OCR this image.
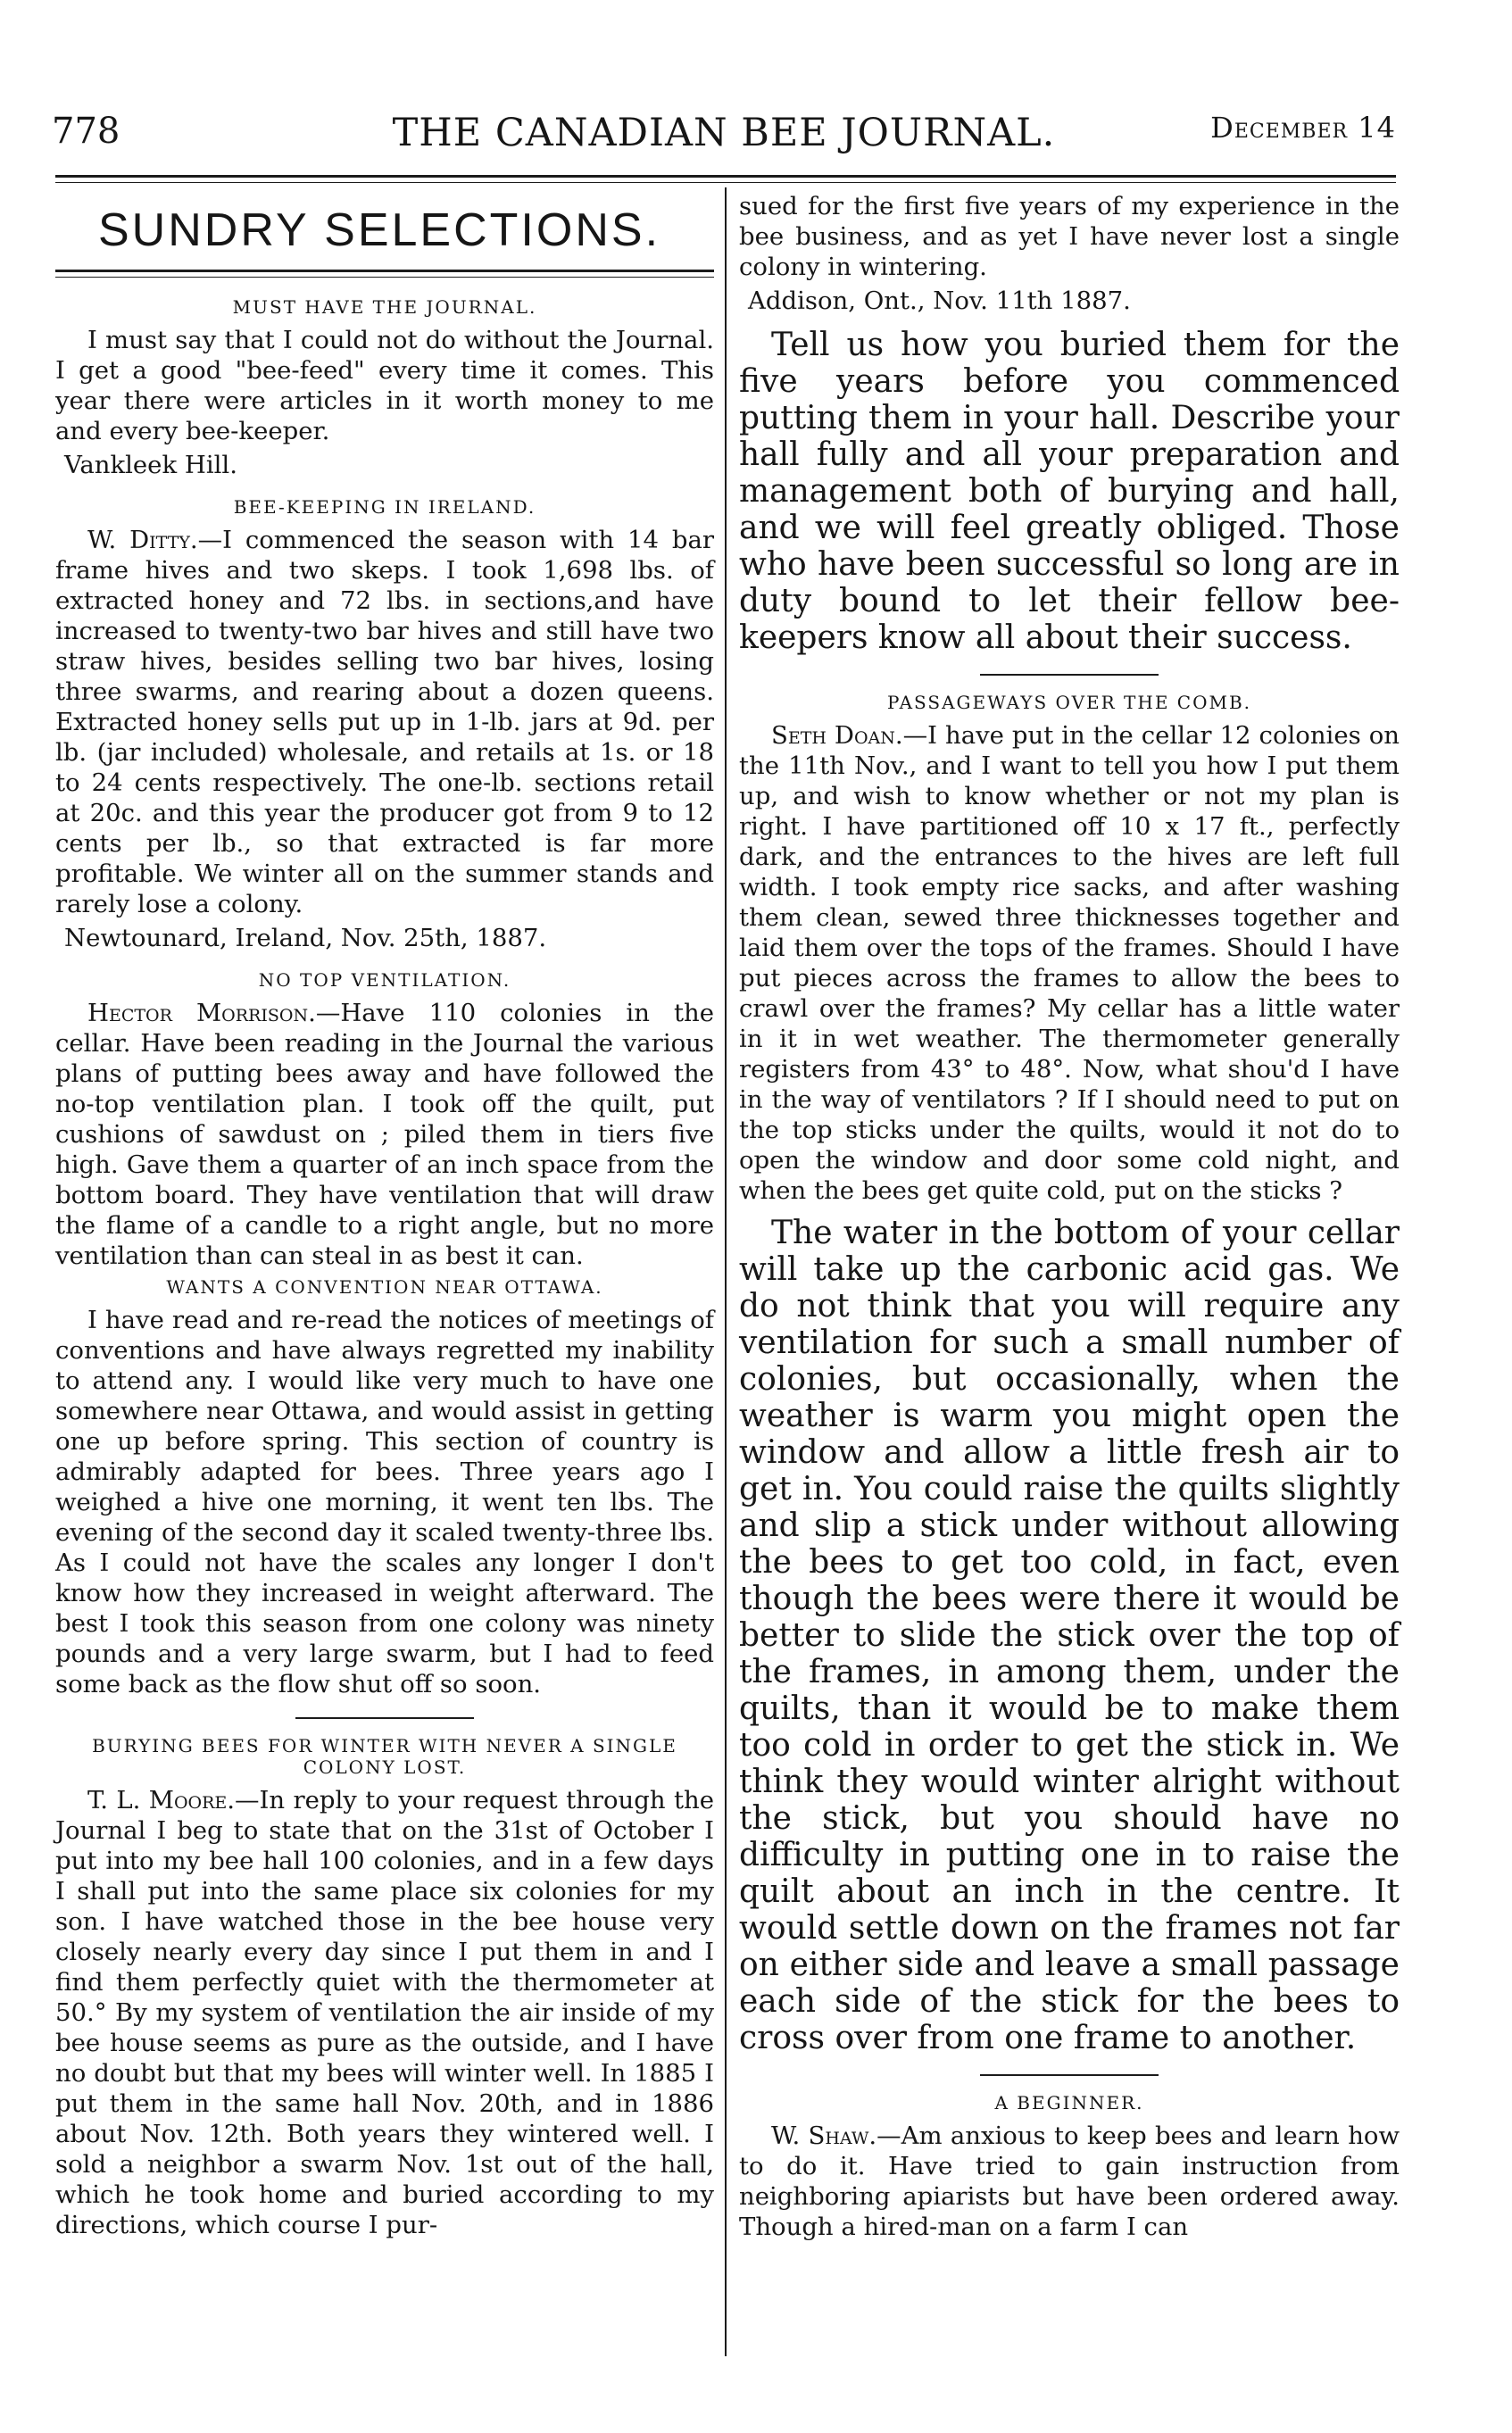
778	THE CANADIAN BEE JOURNAL.	December 14
SUNDRY SELECTIONS.
MUST HAVE THE JOURNAL.

I must say that I could not do without the Journal. I get a good "bee-feed" every time it comes. This year there were articles in it worth money to me and every bee-keeper.

Vankleek Hill.

BEE-KEEPING IN IRELAND.

W. Ditty.—I commenced the season with 14 bar frame hives and two skeps. I took 1,698 lbs. of extracted honey and 72 lbs. in sections,and have increased to twenty-two bar hives and still have two straw hives, besides selling two bar hives, losing three swarms, and rearing about a dozen queens. Extracted honey sells put up in 1-lb. jars at 9d. per lb. (jar included) wholesale, and retails at 1s. or 18 to 24 cents respectively. The one-lb. sections retail at 20c. and this year the producer got from 9 to 12 cents per lb., so that extracted is far more profitable. We winter all on the summer stands and rarely lose a colony.

Newtounard, Ireland, Nov. 25th, 1887.

NO TOP VENTILATION.

Hector Morrison.—Have 110 colonies in the cellar. Have been reading in the Journal the various plans of putting bees away and have followed the no-top ventilation plan. I took off the quilt, put cushions of sawdust on ; piled them in tiers five high. Gave them a quarter of an inch space from the bottom board. They have ventilation that will draw the flame of a candle to a right angle, but no more ventilation than can steal in as best it can.

WANTS A CONVENTION NEAR OTTAWA.

I have read and re-read the notices of meetings of conventions and have always regretted my inability to attend any. I would like very much to have one somewhere near Ottawa, and would assist in getting one up before spring. This section of country is admirably adapted for bees. Three years ago I weighed a hive one morning, it went ten lbs. The evening of the second day it scaled twenty-three lbs. As I could not have the scales any longer I don't know how they increased in weight afterward. The best I took this season from one colony was ninety pounds and a very large swarm, but I had to feed some back as the flow shut off so soon.

BURYING BEES FOR WINTER WITH NEVER A SINGLE COLONY LOST.

T. L. Moore.—In reply to your request through the Journal I beg to state that on the 31st of October I put into my bee hall 100 colonies, and in a few days I shall put into the same place six colonies for my son. I have watched those in the bee house very closely nearly every day since I put them in and I find them perfectly quiet with the thermometer at 50.° By my system of ventilation the air inside of my bee house seems as pure as the outside, and I have no doubt but that my bees will winter well. In 1885 I put them in the same hall Nov. 20th, and in 1886 about Nov. 12th. Both years they wintered well. I sold a neighbor a swarm Nov. 1st out of the hall, which he took home and buried according to my directions, which course I pur-

sued for the first five years of my experience in the bee business, and as yet I have never lost a single colony in wintering.

Addison, Ont., Nov. 11th 1887.

Tell us how you buried them for the five years before you commenced putting them in your hall. Describe your hall fully and all your preparation and management both of burying and hall, and we will feel greatly obliged. Those who have been successful so long are in duty bound to let their fellow bee-keepers know all about their success.

PASSAGEWAYS OVER THE COMB.

Seth Doan.—I have put in the cellar 12 colonies on the 11th Nov., and I want to tell you how I put them up, and wish to know whether or not my plan is right. I have partitioned off 10 x 17 ft., perfectly dark, and the entrances to the hives are left full width. I took empty rice sacks, and after washing them clean, sewed three thicknesses together and laid them over the tops of the frames. Should I have put pieces across the frames to allow the bees to crawl over the frames? My cellar has a little water in it in wet weather. The thermometer generally registers from 43° to 48°. Now, what shou'd I have in the way of ventilators ? If I should need to put on the top sticks under the quilts, would it not do to open the window and door some cold night, and when the bees get quite cold, put on the sticks ?

The water in the bottom of your cellar will take up the carbonic acid gas. We do not think that you will require any ventilation for such a small number of colonies, but occasionally, when the weather is warm you might open the window and allow a little fresh air to get in. You could raise the quilts slightly and slip a stick under without allowing the bees to get too cold, in fact, even though the bees were there it would be better to slide the stick over the top of the frames, in among them, under the quilts, than it would be to make them too cold in order to get the stick in. We think they would winter alright without the stick, but you should have no difficulty in putting one in to raise the quilt about an inch in the centre. It would settle down on the frames not far on either side and leave a small passage each side of the stick for the bees to cross over from one frame to another.

A BEGINNER.

W. Shaw.—Am anxious to keep bees and learn how to do it. Have tried to gain instruction from neighboring apiarists but have been ordered away. Though a hired-man on a farm I can
